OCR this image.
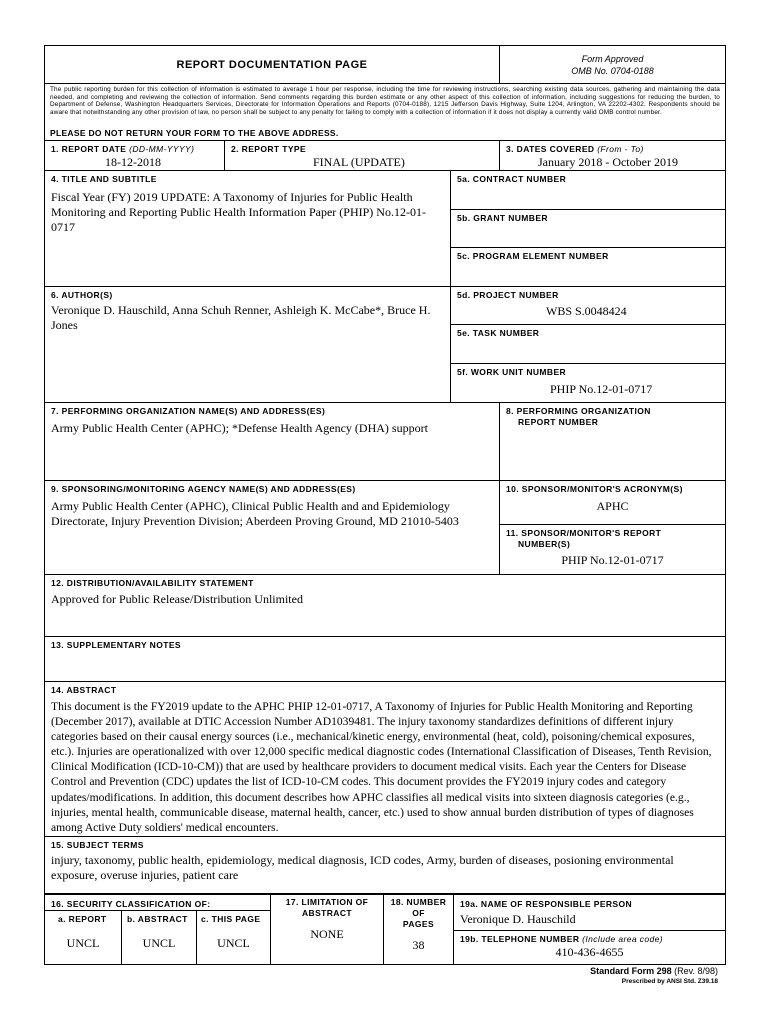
REPORT DOCUMENTATION PAGE	Form Approved
OMB No. 0704-0188
The public reporting burden for this collection of information is estimated to average 1 hour per response, including the time for reviewing instructions, searching existing data sources, gathering and maintaining the data needed, and completing and reviewing the collection of information. Send comments regarding this burden estimate or any other aspect of this collection of information, including suggestions for reducing the burden, to Department of Defense, Washington Headquarters Services, Directorate for Information Operations and Reports (0704-0188), 1215 Jefferson Davis Highway, Suite 1204, Arlington, VA 22202-4302. Respondents should be aware that notwithstanding any other provision of law, no person shall be subject to any penalty for failing to comply with a collection of information if it does not display a currently valid OMB control number.
PLEASE DO NOT RETURN YOUR FORM TO THE ABOVE ADDRESS.
1. REPORT DATE (DD-MM-YYYY)
18-12-2018
2. REPORT TYPE
FINAL (UPDATE)
3. DATES COVERED (From - To)
January 2018 - October 2019
4. TITLE AND SUBTITLE
Fiscal Year (FY) 2019 UPDATE: A Taxonomy of Injuries for Public Health Monitoring and Reporting Public Health Information Paper (PHIP) No.12-01-0717
5a. CONTRACT NUMBER
5b. GRANT NUMBER
5c. PROGRAM ELEMENT NUMBER
6. AUTHOR(S)
Veronique D. Hauschild, Anna Schuh Renner, Ashleigh K. McCabe*, Bruce H. Jones
5d. PROJECT NUMBER
WBS S.0048424
5e. TASK NUMBER
5f. WORK UNIT NUMBER
PHIP No.12-01-0717
7. PERFORMING ORGANIZATION NAME(S) AND ADDRESS(ES)
Army Public Health Center (APHC); *Defense Health Agency (DHA) support
8. PERFORMING ORGANIZATION
REPORT NUMBER
9. SPONSORING/MONITORING AGENCY NAME(S) AND ADDRESS(ES)
Army Public Health Center (APHC), Clinical Public Health and and Epidemiology Directorate, Injury Prevention Division; Aberdeen Proving Ground, MD 21010-5403
10. SPONSOR/MONITOR'S ACRONYM(S)
APHC
11. SPONSOR/MONITOR'S REPORT
NUMBER(S)
PHIP No.12-01-0717
12. DISTRIBUTION/AVAILABILITY STATEMENT
Approved for Public Release/Distribution Unlimited
13. SUPPLEMENTARY NOTES
14. ABSTRACT
This document is the FY2019 update to the APHC PHIP 12-01-0717, A Taxonomy of Injuries for Public Health Monitoring and Reporting (December 2017), available at DTIC Accession Number AD1039481. The injury taxonomy standardizes definitions of different injury categories based on their causal energy sources (i.e., mechanical/kinetic energy, environmental (heat, cold), poisoning/chemical exposures, etc.). Injuries are operationalized with over 12,000 specific medical diagnostic codes (International Classification of Diseases, Tenth Revision, Clinical Modification (ICD-10-CM)) that are used by healthcare providers to document medical visits. Each year the Centers for Disease Control and Prevention (CDC) updates the list of ICD-10-CM codes. This document provides the FY2019 injury codes and category updates/modifications. In addition, this document describes how APHC classifies all medical visits into sixteen diagnosis categories (e.g., injuries, mental health, communicable disease, maternal health, cancer, etc.) used to show annual burden distribution of types of diagnoses among Active Duty soldiers' medical encounters.
15. SUBJECT TERMS
injury, taxonomy, public health, epidemiology, medical diagnosis, ICD codes, Army, burden of diseases, posioning environmental exposure, overuse injuries, patient care
16. SECURITY CLASSIFICATION OF:
a. REPORT
UNCL
b. ABSTRACT
UNCL
c. THIS PAGE
UNCL
17. LIMITATION OF
ABSTRACT
NONE
18. NUMBER
OF
PAGES
38
19a. NAME OF RESPONSIBLE PERSON
Veronique D. Hauschild
19b. TELEPHONE NUMBER (Include area code)
410-436-4655
Standard Form 298 (Rev. 8/98)
Prescribed by ANSI Std. Z39.18
